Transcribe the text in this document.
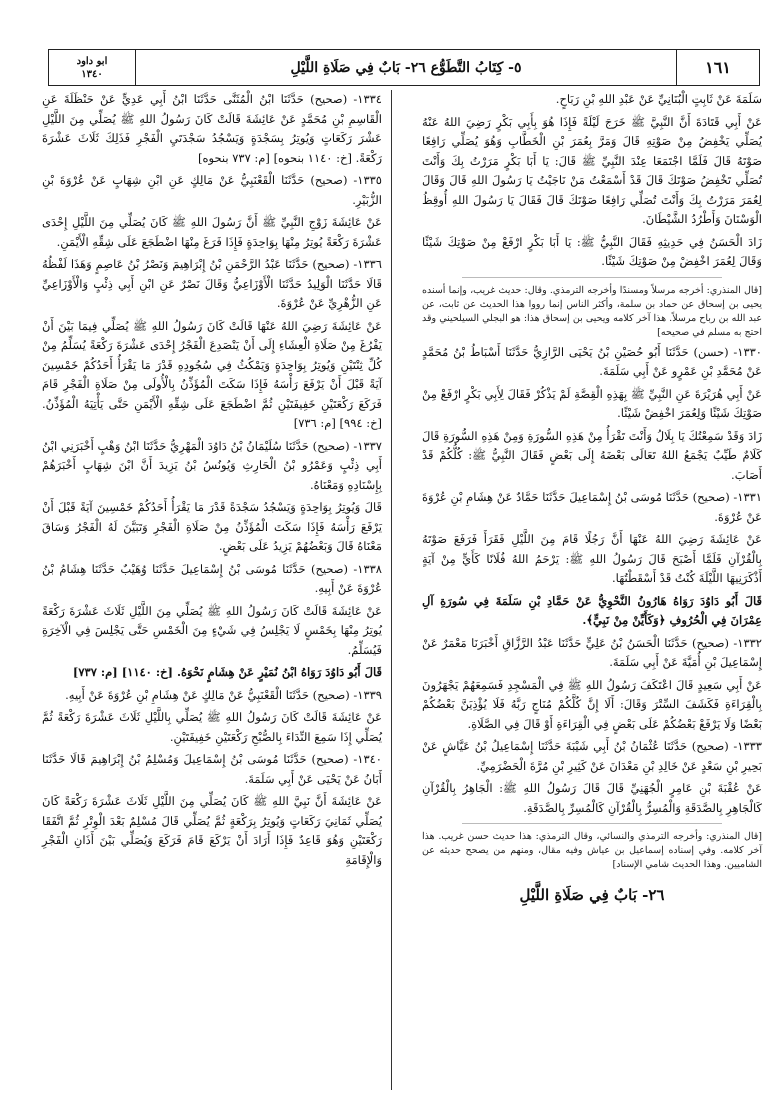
ابو داود
١٣٤٠	٥- كِتَابُ التَّطَوُّع ٢٦- بَابٌ فِي صَلَاةِ اللَّيْلِ	١٦١

سَلَمَةَ عَنْ ثَابِتٍ الْبُنَانِيِّ عَنْ عَبْدِ اللهِ بْنِ رَبَاحٍ.

عَنْ أَبِي قَتَادَةَ أَنَّ النَّبِيَّ ﷺ خَرَجَ لَيْلَةً فَإِذَا هُوَ بِأَبِي بَكْرٍ رَضِيَ اللهُ عَنْهُ يُصَلِّي يَخْفِضُ مِنْ صَوْتِهِ قَالَ وَمَرَّ بِعُمَرَ بْنِ الْخَطَّابِ وَهُوَ يُصَلِّي رَافِعًا صَوْتَهُ قَالَ فَلَمَّا اجْتَمَعَا عِنْدَ النَّبِيِّ ﷺ قَالَ: يَا أَبَا بَكْرٍ مَرَرْتُ بِكَ وَأَنْتَ تُصَلِّي تَخْفِضُ صَوْتَكَ قَالَ قَدْ أَسْمَعْتُ مَنْ نَاجَيْتُ يَا رَسُولَ اللهِ قَالَ وَقَالَ لِعُمَرَ مَرَرْتُ بِكَ وَأَنْتَ تُصَلِّي رَافِعًا صَوْتَكَ قَالَ فَقَالَ يَا رَسُولَ اللهِ أُوقِظُ الْوَسْنَانَ وَأَطْرُدُ الشَّيْطَانَ.

زَادَ الْحَسَنُ فِي حَدِيثِهِ فَقَالَ النَّبِيُّ ﷺ: يَا أَبَا بَكْرٍ ارْفَعْ مِنْ صَوْتِكَ شَيْئًا وَقَالَ لِعُمَرَ اخْفِضْ مِنْ صَوْتِكَ شَيْئًا.

[قال المنذري: أخرجه مرسلاً ومسندًا وأخرجه الترمذي. وقال: حديث غريب، وإنما أسنده يحيى بن إسحاق عن حماد بن سلمة، وأكثر الناس إنما رووا هذا الحديث عن ثابت، عن عبد الله بن رباح مرسلاً. هذا آخر كلامه ويحيى بن إسحاق هذا: هو البجلي السيلحيني وقد احتج به مسلم في صحيحه]

١٣٣٠- (حسن) حَدَّثَنَا أَبُو حُصَيْنِ بْنُ يَحْيَى الرَّازِيُّ حَدَّثَنَا أَسْبَاطُ بْنُ مُحَمَّدٍ عَنْ مُحَمَّدِ بْنِ عَمْرٍو عَنْ أَبِي سَلَمَةَ.

عَنْ أَبِي هُرَيْرَةَ عَنِ النَّبِيِّ ﷺ بِهَذِهِ الْقِصَّةِ لَمْ يَذْكُرْ فَقَالَ لِأَبِي بَكْرٍ ارْفَعْ مِنْ صَوْتِكَ شَيْئًا وَلِعُمَرَ اخْفِضْ شَيْئًا.

زَادَ وَقَدْ سَمِعْتُكَ يَا بِلَالُ وَأَنْتَ تَقْرَأُ مِنْ هَذِهِ السُّورَةِ وَمِنْ هَذِهِ السُّورَةِ قَالَ كَلَامٌ طَيِّبٌ يَجْمَعُ اللهُ تَعَالَى بَعْضَهُ إِلَى بَعْضٍ فَقَالَ النَّبِيُّ ﷺ: كُلُّكُمْ قَدْ أَصَابَ.

١٣٣١- (صحيح) حَدَّثَنَا مُوسَى بْنُ إِسْمَاعِيلَ حَدَّثَنَا حَمَّادٌ عَنْ هِشَامِ بْنِ عُرْوَةَ عَنْ عُرْوَةَ.

عَنْ عَائِشَةَ رَضِيَ اللهُ عَنْهَا أَنَّ رَجُلًا قَامَ مِنَ اللَّيْلِ فَقَرَأَ فَرَفَعَ صَوْتَهُ بِالْقُرْآنِ فَلَمَّا أَصْبَحَ قَالَ رَسُولُ اللهِ ﷺ: يَرْحَمُ اللهُ فُلَانًا كَأَيٍّ مِنْ آيَةٍ أَذْكَرَنِيهَا اللَّيْلَةَ كُنْتُ قَدْ أَسْقَطْتُهَا.

قَالَ أَبُو دَاوُدَ رَوَاهُ هَارُونُ النَّحْوِيُّ عَنْ حَمَّادِ بْنِ سَلَمَةَ فِي سُورَةِ آلِ عِمْرَانَ فِي الْحُرُوفِ ﴿وَكَأَيِّنْ مِنْ نَبِيٍّ﴾.

١٣٣٢- (صحيح) حَدَّثَنَا الْحَسَنُ بْنُ عَلِيٍّ حَدَّثَنَا عَبْدُ الرَّزَّاقِ أَخْبَرَنَا مَعْمَرٌ عَنْ إِسْمَاعِيلَ بْنِ أُمَيَّةَ عَنْ أَبِي سَلَمَةَ.

عَنْ أَبِي سَعِيدٍ قَالَ اعْتَكَفَ رَسُولُ اللهِ ﷺ فِي الْمَسْجِدِ فَسَمِعَهُمْ يَجْهَرُونَ بِالْقِرَاءَةِ فَكَشَفَ السِّتْرَ وَقَالَ: أَلَا إِنَّ كُلَّكُمْ مُنَاجٍ رَبَّهُ فَلَا يُؤْذِيَنَّ بَعْضُكُمْ بَعْضًا وَلَا يَرْفَعْ بَعْضُكُمْ عَلَى بَعْضٍ فِي الْقِرَاءَةِ أَوْ قَالَ فِي الصَّلَاةِ.

١٣٣٣- (صحيح) حَدَّثَنَا عُثْمَانُ بْنُ أَبِي شَيْبَةَ حَدَّثَنَا إِسْمَاعِيلُ بْنُ عَيَّاشٍ عَنْ بَحِيرِ بْنِ سَعْدٍ عَنْ خَالِدِ بْنِ مَعْدَانَ عَنْ كَثِيرِ بْنِ مُرَّةَ الْحَضْرَمِيِّ.

عَنْ عُقْبَةَ بْنِ عَامِرٍ الْجُهَنِيِّ قَالَ قَالَ رَسُولُ اللهِ ﷺ: الْجَاهِرُ بِالْقُرْآنِ كَالْجَاهِرِ بِالصَّدَقَةِ وَالْمُسِرُّ بِالْقُرْآنِ كَالْمُسِرِّ بِالصَّدَقَةِ.

[قال المنذري: وأخرجه الترمذي والنسائي، وقال الترمذي: هذا حديث حسن غريب. هذا آخر كلامه. وفي إسناده إسماعيل بن عياش وفيه مقال، ومنهم من يصحح حديثه عن الشاميين. وهذا الحديث شامي الإسناد]

٢٦- بَابٌ فِي صَلَاةِ اللَّيْلِ

١٣٣٤- (صحيح) حَدَّثَنَا ابْنُ الْمُثَنَّى حَدَّثَنَا ابْنُ أَبِي عَدِيٍّ عَنْ حَنْظَلَةَ عَنِ الْقَاسِمِ بْنِ مُحَمَّدٍ عَنْ عَائِشَةَ قَالَتْ كَانَ رَسُولُ اللهِ ﷺ يُصَلِّي مِنَ اللَّيْلِ عَشْرَ رَكَعَاتٍ وَيُوتِرُ بِسَجْدَةٍ وَيَسْجُدُ سَجْدَتَيِ الْفَجْرِ فَذَلِكَ ثَلَاثَ عَشْرَةَ رَكْعَةً. [خ: ١١٤٠ بنحوه] [م: ٧٣٧ بنحوه]

١٣٣٥- (صحيح) حَدَّثَنَا الْقَعْنَبِيُّ عَنْ مَالِكٍ عَنِ ابْنِ شِهَابٍ عَنْ عُرْوَةَ بْنِ الزُّبَيْرِ.

عَنْ عَائِشَةَ زَوْجِ النَّبِيِّ ﷺ أَنَّ رَسُولَ اللهِ ﷺ كَانَ يُصَلِّي مِنَ اللَّيْلِ إِحْدَى عَشْرَةَ رَكْعَةً يُوتِرُ مِنْهَا بِوَاحِدَةٍ فَإِذَا فَرَغَ مِنْهَا اضْطَجَعَ عَلَى شِقِّهِ الْأَيْمَنِ.

١٣٣٦- (صحيح) حَدَّثَنَا عَبْدُ الرَّحْمَنِ بْنُ إِبْرَاهِيمَ وَنَصْرُ بْنُ عَاصِمٍ وَهَذَا لَفْظُهُ قَالَا حَدَّثَنَا الْوَلِيدُ حَدَّثَنَا الْأَوْزَاعِيُّ وَقَالَ نَصْرٌ عَنِ ابْنِ أَبِي ذِئْبٍ وَالْأَوْزَاعِيِّ عَنِ الزُّهْرِيِّ عَنْ عُرْوَةَ.

عَنْ عَائِشَةَ رَضِيَ اللهُ عَنْهَا قَالَتْ كَانَ رَسُولُ اللهِ ﷺ يُصَلِّي فِيمَا بَيْنَ أَنْ يَفْرُغَ مِنْ صَلَاةِ الْعِشَاءِ إِلَى أَنْ يَنْصَدِعَ الْفَجْرُ إِحْدَى عَشْرَةَ رَكْعَةً يُسَلِّمُ مِنْ كُلِّ ثِنْتَيْنِ وَيُوتِرُ بِوَاحِدَةٍ وَيَمْكُثُ فِي سُجُودِهِ قَدْرَ مَا يَقْرَأُ أَحَدُكُمْ خَمْسِينَ آيَةً قَبْلَ أَنْ يَرْفَعَ رَأْسَهُ فَإِذَا سَكَتَ الْمُؤَذِّنُ بِالْأُولَى مِنْ صَلَاةِ الْفَجْرِ قَامَ فَرَكَعَ رَكْعَتَيْنِ خَفِيفَتَيْنِ ثُمَّ اضْطَجَعَ عَلَى شِقِّهِ الْأَيْمَنِ حَتَّى يَأْتِيَهُ الْمُؤَذِّنُ. [خ: ٩٩٤] [م: ٧٣٦]

١٣٣٧- (صحيح) حَدَّثَنَا سُلَيْمَانُ بْنُ دَاوُدَ الْمَهْرِيُّ حَدَّثَنَا ابْنُ وَهْبٍ أَخْبَرَنِي ابْنُ أَبِي ذِئْبٍ وَعَمْرُو بْنُ الْحَارِثِ وَيُونُسُ بْنُ يَزِيدَ أَنَّ ابْنَ شِهَابٍ أَخْبَرَهُمْ بِإِسْنَادِهِ وَمَعْنَاهُ.

قَالَ وَيُوتِرُ بِوَاحِدَةٍ وَيَسْجُدُ سَجْدَةً قَدْرَ مَا يَقْرَأُ أَحَدُكُمْ خَمْسِينَ آيَةً قَبْلَ أَنْ يَرْفَعَ رَأْسَهُ فَإِذَا سَكَتَ الْمُؤَذِّنُ مِنْ صَلَاةِ الْفَجْرِ وَتَبَيَّنَ لَهُ الْفَجْرُ وَسَاقَ مَعْنَاهُ قَالَ وَبَعْضُهُمْ يَزِيدُ عَلَى بَعْضٍ.

١٣٣٨- (صحيح) حَدَّثَنَا مُوسَى بْنُ إِسْمَاعِيلَ حَدَّثَنَا وُهَيْبٌ حَدَّثَنَا هِشَامُ بْنُ عُرْوَةَ عَنْ أَبِيهِ.

عَنْ عَائِشَةَ قَالَتْ كَانَ رَسُولُ اللهِ ﷺ يُصَلِّي مِنَ اللَّيْلِ ثَلَاثَ عَشْرَةَ رَكْعَةً يُوتِرُ مِنْهَا بِخَمْسٍ لَا يَجْلِسُ فِي شَيْءٍ مِنَ الْخَمْسِ حَتَّى يَجْلِسَ فِي الْآخِرَةِ فَيُسَلِّمُ.

قَالَ أَبُو دَاوُدَ رَوَاهُ ابْنُ نُمَيْرٍ عَنْ هِشَامٍ نَحْوَهُ. [خ: ١١٤٠] [م: ٧٣٧]

١٣٣٩- (صحيح) حَدَّثَنَا الْقَعْنَبِيُّ عَنْ مَالِكٍ عَنْ هِشَامِ بْنِ عُرْوَةَ عَنْ أَبِيهِ.

عَنْ عَائِشَةَ قَالَتْ كَانَ رَسُولُ اللهِ ﷺ يُصَلِّي بِاللَّيْلِ ثَلَاثَ عَشْرَةَ رَكْعَةً ثُمَّ يُصَلِّي إِذَا سَمِعَ النِّدَاءَ بِالصُّبْحِ رَكْعَتَيْنِ خَفِيفَتَيْنِ.

١٣٤٠- (صحيح) حَدَّثَنَا مُوسَى بْنُ إِسْمَاعِيلَ وَمُسْلِمُ بْنُ إِبْرَاهِيمَ قَالَا حَدَّثَنَا أَبَانُ عَنْ يَحْيَى عَنْ أَبِي سَلَمَةَ.

عَنْ عَائِشَةَ أَنَّ نَبِيَّ اللهِ ﷺ كَانَ يُصَلِّي مِنَ اللَّيْلِ ثَلَاثَ عَشْرَةَ رَكْعَةً كَانَ يُصَلِّي ثَمَانِيَ رَكَعَاتٍ وَيُوتِرُ بِرَكْعَةٍ ثُمَّ يُصَلِّي قَالَ مُسْلِمٌ بَعْدَ الْوِتْرِ ثُمَّ اتَّفَقَا رَكْعَتَيْنِ وَهُوَ قَاعِدٌ فَإِذَا أَرَادَ أَنْ يَرْكَعَ قَامَ فَرَكَعَ وَيُصَلِّي بَيْنَ أَذَانِ الْفَجْرِ وَالْإِقَامَةِ
